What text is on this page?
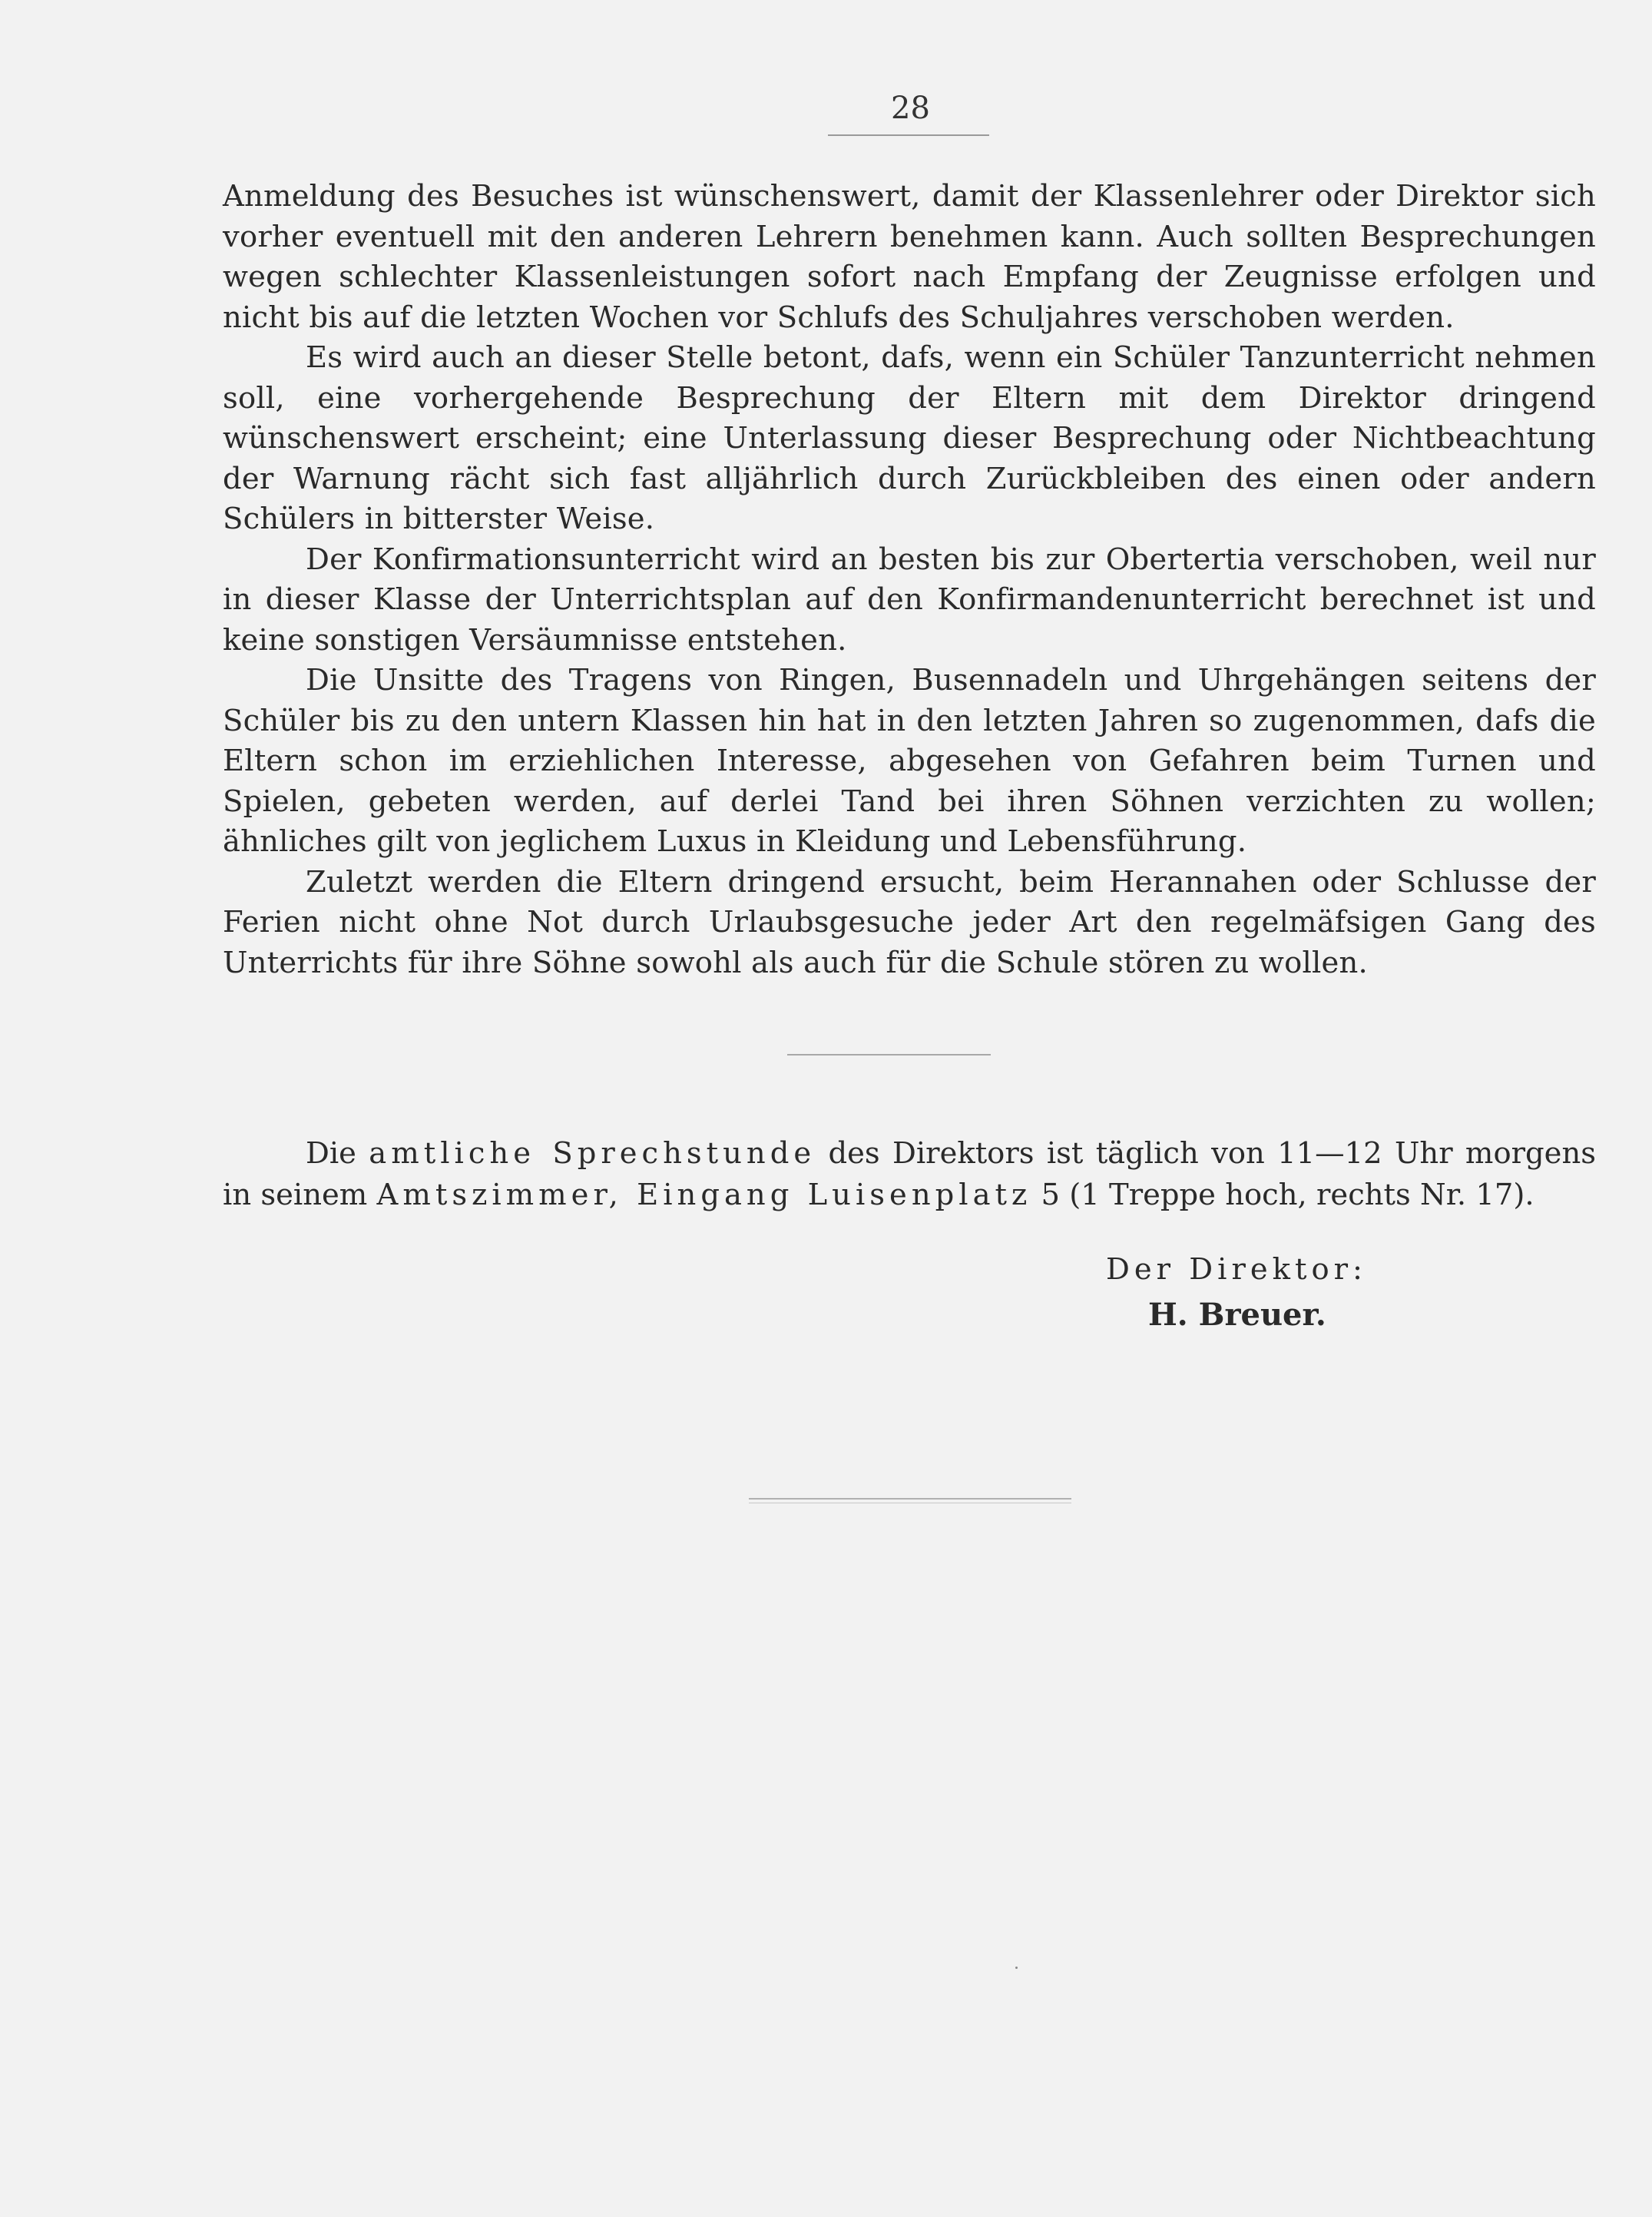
28

Anmeldung des Besuches ist wünschenswert, damit der Klassenlehrer oder Direktor sich vorher eventuell mit den anderen Lehrern benehmen kann. Auch sollten Besprechungen wegen schlechter Klassenleistungen sofort nach Empfang der Zeugnisse erfolgen und nicht bis auf die letzten Wochen vor Schlufs des Schuljahres verschoben werden.

Es wird auch an dieser Stelle betont, dafs, wenn ein Schüler Tanzunterricht nehmen soll, eine vorhergehende Besprechung der Eltern mit dem Direktor dringend wünschenswert erscheint; eine Unterlassung dieser Besprechung oder Nichtbeachtung der Warnung rächt sich fast alljährlich durch Zurückbleiben des einen oder andern Schülers in bitterster Weise.

Der Konfirmationsunterricht wird an besten bis zur Obertertia verschoben, weil nur in dieser Klasse der Unterrichtsplan auf den Konfirmandenunterricht berechnet ist und keine sonstigen Versäumnisse entstehen.

Die Unsitte des Tragens von Ringen, Busennadeln und Uhrgehängen seitens der Schüler bis zu den untern Klassen hin hat in den letzten Jahren so zugenommen, dafs die Eltern schon im erziehlichen Interesse, abgesehen von Gefahren beim Turnen und Spielen, gebeten werden, auf derlei Tand bei ihren Söhnen verzichten zu wollen; ähnliches gilt von jeglichem Luxus in Kleidung und Lebensführung.

Zuletzt werden die Eltern dringend ersucht, beim Herannahen oder Schlusse der Ferien nicht ohne Not durch Urlaubsgesuche jeder Art den regelmäfsigen Gang des Unterrichts für ihre Söhne sowohl als auch für die Schule stören zu wollen.

Die amtliche Sprechstunde des Direktors ist täglich von 11—12 Uhr morgens in seinem Amtszimmer, Eingang Luisenplatz 5 (1 Treppe hoch, rechts Nr. 17).

Der Direktor:
H. Breuer.
